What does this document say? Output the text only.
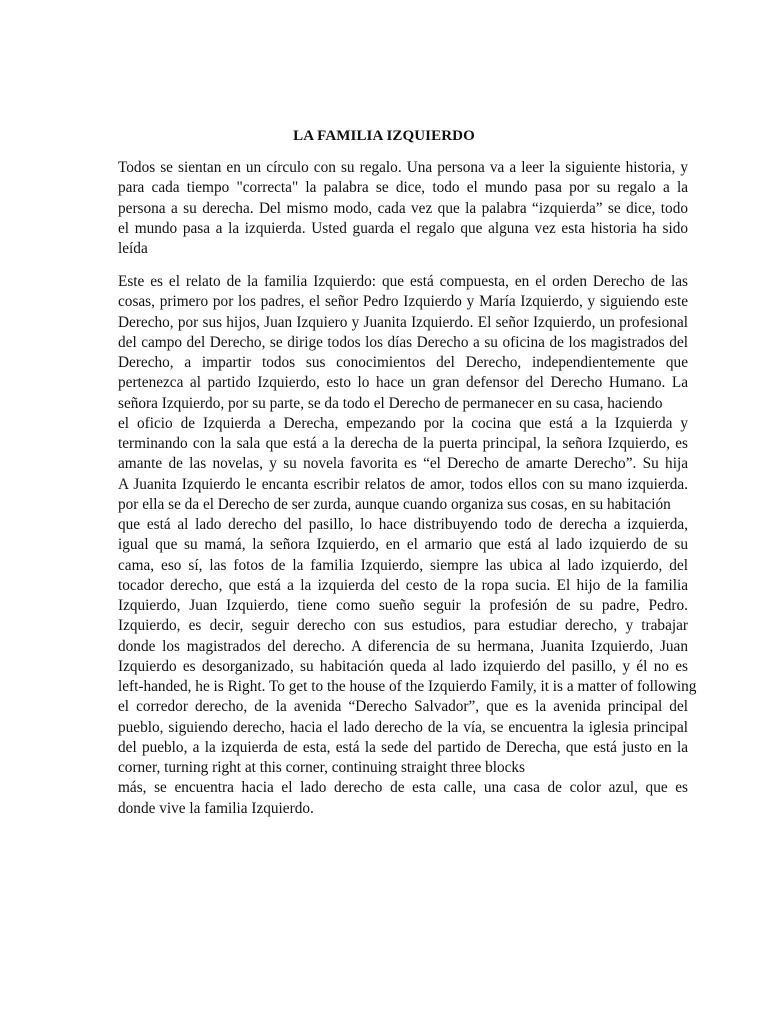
LA FAMILIA IZQUIERDO
Todos se sientan en un círculo con su regalo. Una persona va a leer la siguiente historia, y
para cada tiempo "correcta" la palabra se dice, todo el mundo pasa por su regalo a la
persona a su derecha. Del mismo modo, cada vez que la palabra “izquierda” se dice, todo
el mundo pasa a la izquierda. Usted guarda el regalo que alguna vez esta historia ha sido
leída
Este es el relato de la familia Izquierdo: que está compuesta, en el orden Derecho de las
cosas, primero por los padres, el señor Pedro Izquierdo y María Izquierdo, y siguiendo este
Derecho, por sus hijos, Juan Izquiero y Juanita Izquierdo. El señor Izquierdo, un profesional
del campo del Derecho, se dirige todos los días Derecho a su oficina de los magistrados del
Derecho, a impartir todos sus conocimientos del Derecho, independientemente que
pertenezca al partido Izquierdo, esto lo hace un gran defensor del Derecho Humano. La
señora Izquierdo, por su parte, se da todo el Derecho de permanecer en su casa, haciendo
el oficio de Izquierda a Derecha, empezando por la cocina que está a la Izquierda y
terminando con la sala que está a la derecha de la puerta principal, la señora Izquierdo, es
amante de las novelas, y su novela favorita es “el Derecho de amarte Derecho”. Su hija
A Juanita Izquierdo le encanta escribir relatos de amor, todos ellos con su mano izquierda.
por ella se da el Derecho de ser zurda, aunque cuando organiza sus cosas, en su habitación
que está al lado derecho del pasillo, lo hace distribuyendo todo de derecha a izquierda,
igual que su mamá, la señora Izquierdo, en el armario que está al lado izquierdo de su
cama, eso sí, las fotos de la familia Izquierdo, siempre las ubica al lado izquierdo, del
tocador derecho, que está a la izquierda del cesto de la ropa sucia. El hijo de la familia
Izquierdo, Juan Izquierdo, tiene como sueño seguir la profesión de su padre, Pedro.
Izquierdo, es decir, seguir derecho con sus estudios, para estudiar derecho, y trabajar
donde los magistrados del derecho. A diferencia de su hermana, Juanita Izquierdo, Juan
Izquierdo es desorganizado, su habitación queda al lado izquierdo del pasillo, y él no es
left-handed, he is Right. To get to the house of the Izquierdo Family, it is a matter of following
el corredor derecho, de la avenida “Derecho Salvador”, que es la avenida principal del
pueblo, siguiendo derecho, hacia el lado derecho de la vía, se encuentra la iglesia principal
del pueblo, a la izquierda de esta, está la sede del partido de Derecha, que está justo en la
corner, turning right at this corner, continuing straight three blocks
más, se encuentra hacia el lado derecho de esta calle, una casa de color azul, que es
donde vive la familia Izquierdo.
